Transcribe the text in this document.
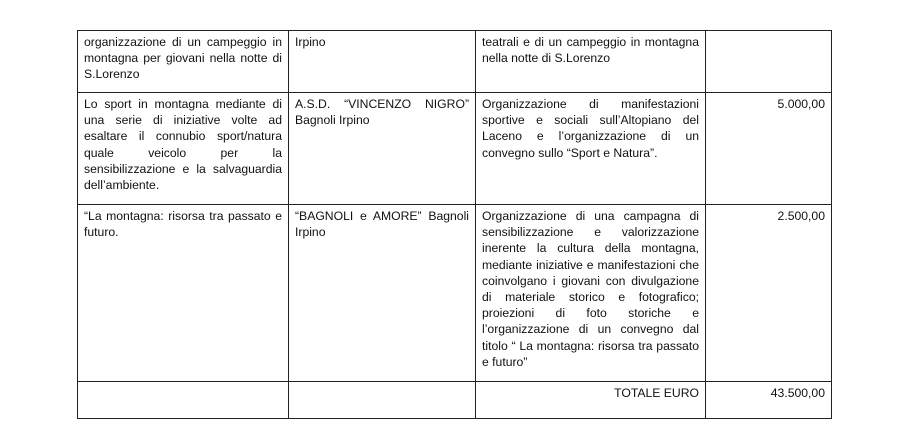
organizzazione di un campeggio in montagna per giovani nella notte di S.Lorenzo	Irpino	teatrali e di un campeggio in montagna nella notte di S.Lorenzo	
Lo sport in montagna mediante di una serie di iniziative volte ad esaltare il connubio sport/natura quale veicolo per la sensibilizzazione e la salvaguardia dell’ambiente.	A.S.D. “VINCENZO NIGRO” Bagnoli Irpino	Organizzazione di manifestazioni sportive e sociali sull’Altopiano del Laceno e l’organizzazione di un convegno sullo “Sport e Natura”.	5.000,00
“La montagna: risorsa tra passato e futuro.	“BAGNOLI e AMORE” Bagnoli Irpino	Organizzazione di una campagna di sensibilizzazione e valorizzazione inerente la cultura della montagna, mediante iniziative e manifestazioni che coinvolgano i giovani con divulgazione di materiale storico e fotografico; proiezioni di foto storiche e l’organizzazione di un convegno dal titolo “ La montagna: risorsa tra passato e futuro”	2.500,00
		TOTALE EURO	43.500,00
